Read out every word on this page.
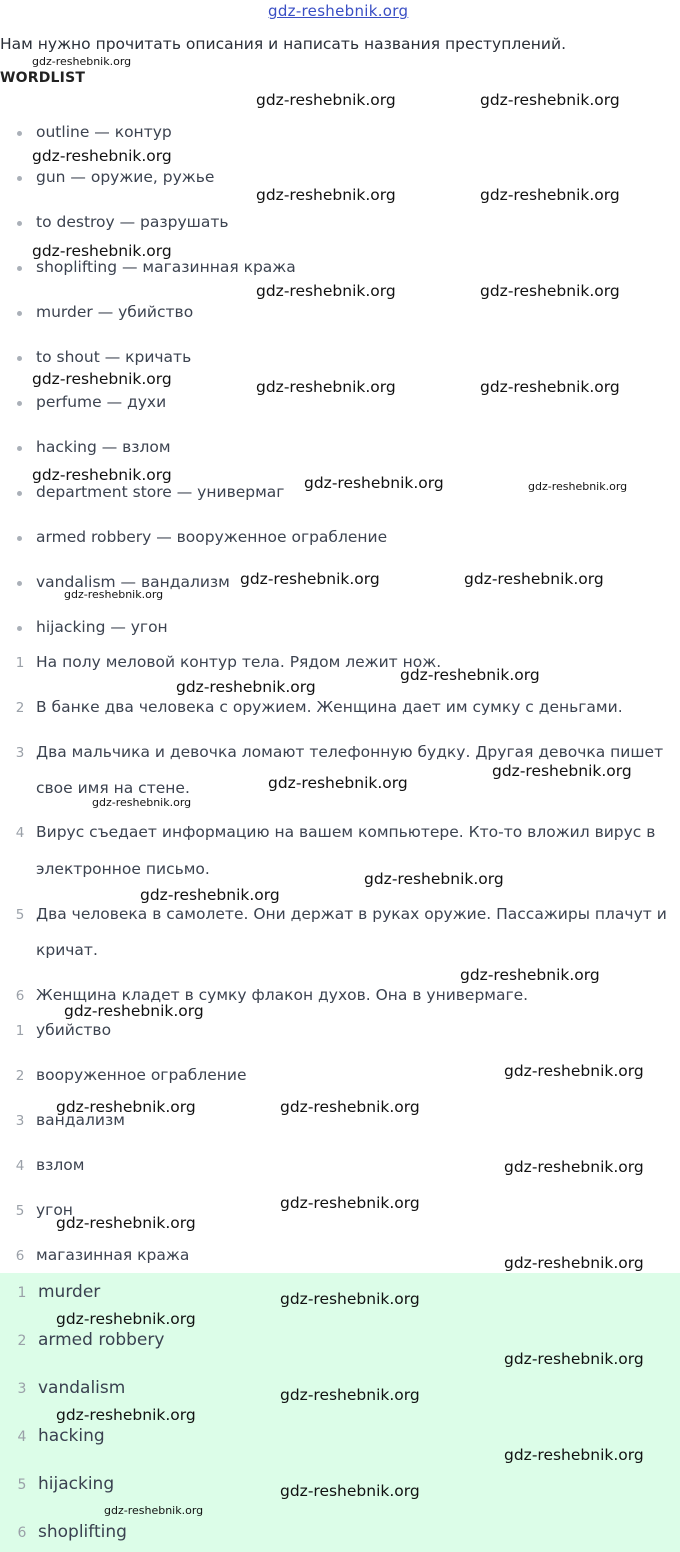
gdz-reshebnik.org
Нам нужно прочитать описания и написать названия преступлений.
WORDLIST
outline — контур
gun — оружие, ружье
to destroy — разрушать
shoplifting — магазинная кража
murder — убийство
to shout — кричать
perfume — духи
hacking — взлом
department store — универмаг
armed robbery — вооруженное ограбление
vandalism — вандализм
hijacking — угон
1 На полу меловой контур тела. Рядом лежит нож.
2 В банке два человека с оружием. Женщина дает им сумку с деньгами.
3 Два мальчика и девочка ломают телефонную будку. Другая девочка пишет
свое имя на стене.
4 Вирус съедает информацию на вашем компьютере. Кто-то вложил вирус в
электронное письмо.
5 Два человека в самолете. Они держат в руках оружие. Пассажиры плачут и
кричат.
6 Женщина кладет в сумку флакон духов. Она в универмаге.
1 убийство
2 вооруженное ограбление
3 вандализм
4 взлом
5 угон
6 магазинная кража
1 murder
2 armed robbery
3 vandalism
4 hacking
5 hijacking
6 shoplifting
gdz-reshebnik.org
gdz-reshebnik.org	gdz-reshebnik.org
gdz-reshebnik.org
gdz-reshebnik.org	gdz-reshebnik.org
gdz-reshebnik.org
gdz-reshebnik.org	gdz-reshebnik.org
gdz-reshebnik.org	gdz-reshebnik.org	gdz-reshebnik.org
gdz-reshebnik.org	gdz-reshebnik.org	gdz-reshebnik.org
gdz-reshebnik.org	gdz-reshebnik.org
gdz-reshebnik.org
gdz-reshebnik.org
gdz-reshebnik.org
gdz-reshebnik.org
gdz-reshebnik.org
gdz-reshebnik.org
gdz-reshebnik.org
gdz-reshebnik.org
gdz-reshebnik.org
gdz-reshebnik.org
gdz-reshebnik.org
gdz-reshebnik.org	gdz-reshebnik.org
gdz-reshebnik.org
gdz-reshebnik.org
gdz-reshebnik.org
gdz-reshebnik.org
gdz-reshebnik.org
gdz-reshebnik.org
gdz-reshebnik.org
gdz-reshebnik.org
gdz-reshebnik.org
gdz-reshebnik.org
gdz-reshebnik.org
gdz-reshebnik.org
